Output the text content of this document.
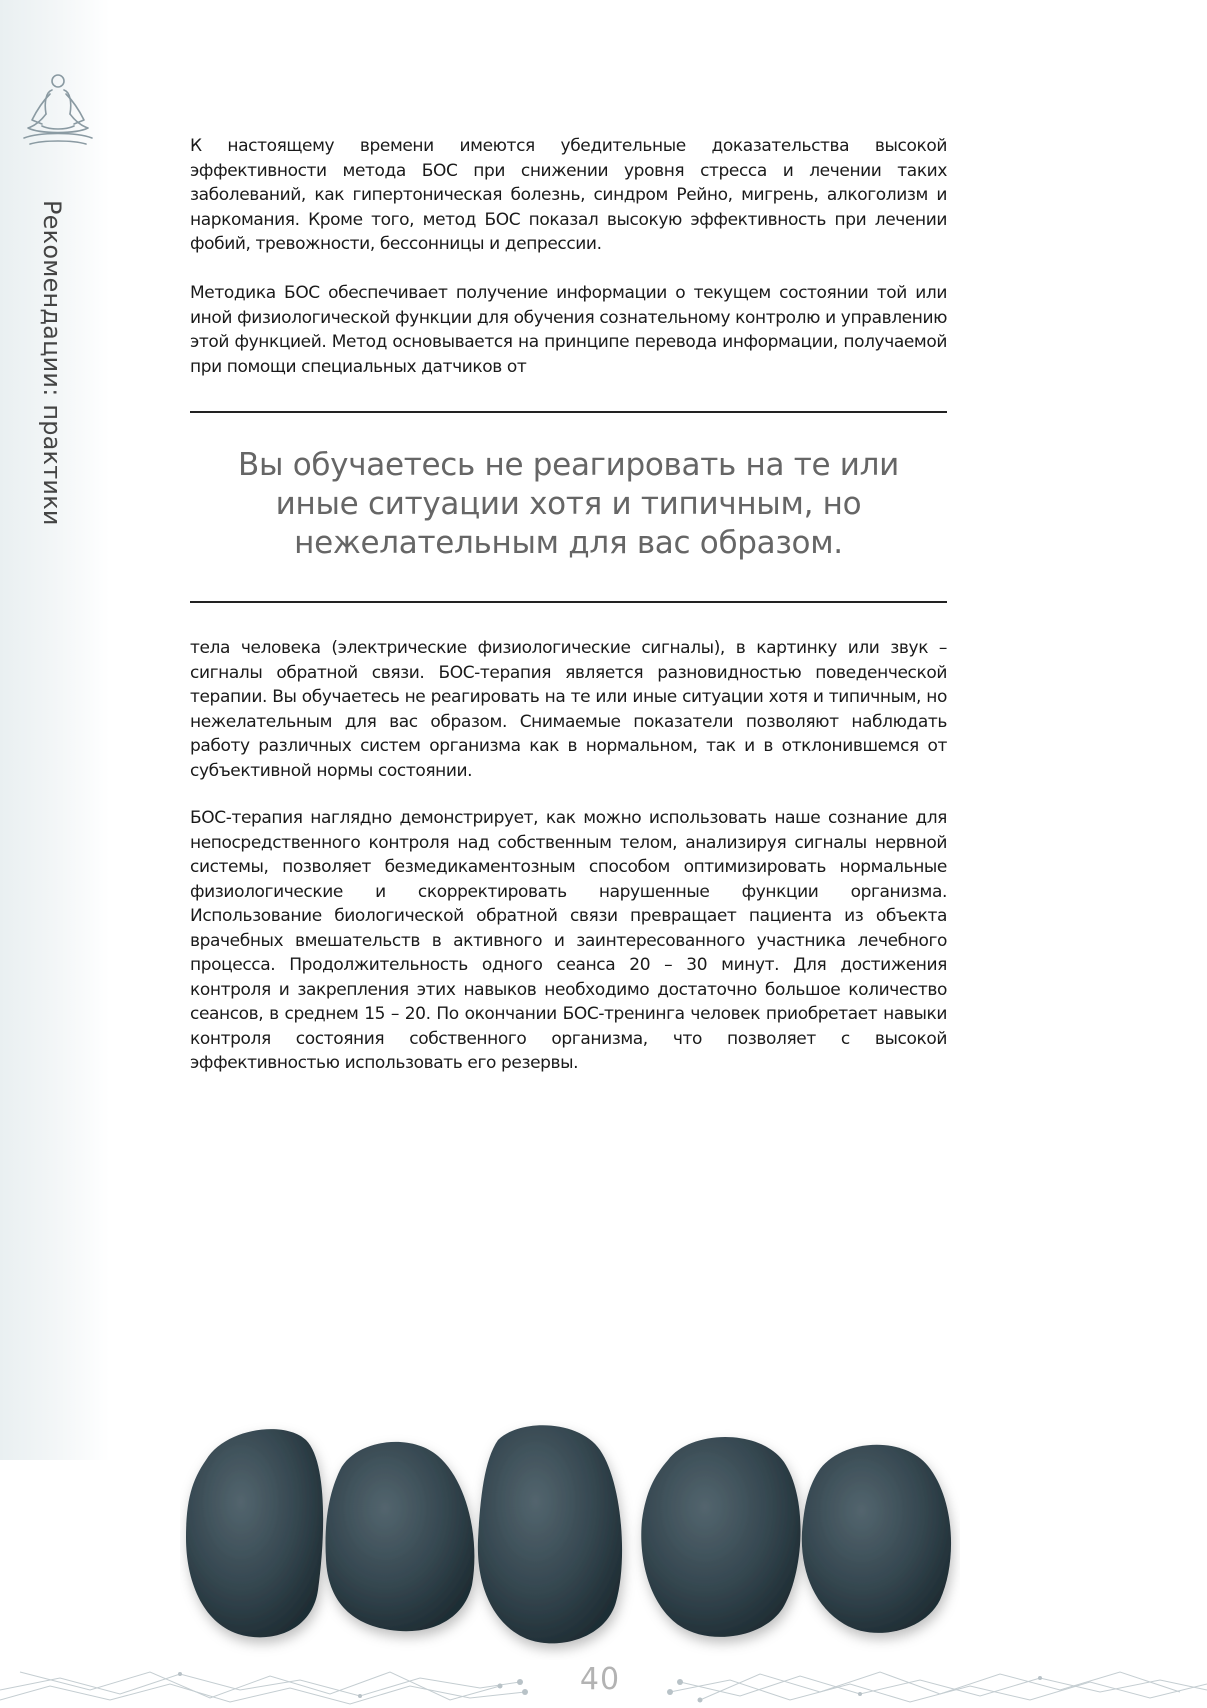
Рекомендации: практики

К настоящему времени имеются убедительные доказательства высокой эффективности метода БОС при снижении уровня стресса и лечении таких заболеваний, как гипертоническая болезнь, синдром Рейно, мигрень, алкоголизм и наркомания. Кроме того, метод БОС показал высокую эффективность при лечении фобий, тревожности, бессонницы и депрессии.

Методика БОС обеспечивает получение информации о текущем состоянии той или иной физиологической функции для обучения сознательному контролю и управлению этой функцией. Метод основывается на принципе перевода информации, получаемой при помощи специальных датчиков от

Вы обучаетесь не реагировать на те или
иные ситуации хотя и типичным, но
нежелательным для вас образом.

тела человека (электрические физиологические сигналы), в картинку или звук – сигналы обратной связи. БОС-терапия является разновидностью поведенческой терапии. Вы обучаетесь не реагировать на те или иные ситуации хотя и типичным, но нежелательным для вас образом. Снимаемые показатели позволяют наблюдать работу различных систем организма как в нормальном, так и в отклонившемся от субъективной нормы состоянии.

БОС-терапия наглядно демонстрирует, как можно использовать наше сознание для непосредственного контроля над собственным телом, анализируя сигналы нервной системы, позволяет безмедикаментозным способом оптимизировать нормальные физиологические и скорректировать нарушенные функции организма. Использование биологической обратной связи превращает пациента из объекта врачебных вмешательств в активного и заинтересованного участника лечебного процесса. Продолжительность одного сеанса 20 – 30 минут. Для достижения контроля и закрепления этих навыков необходимо достаточно большое количество сеансов, в среднем 15 – 20. По окончании БОС-тренинга человек приобретает навыки контроля состояния собственного организма, что позволяет с высокой эффективностью использовать его резервы.

40
